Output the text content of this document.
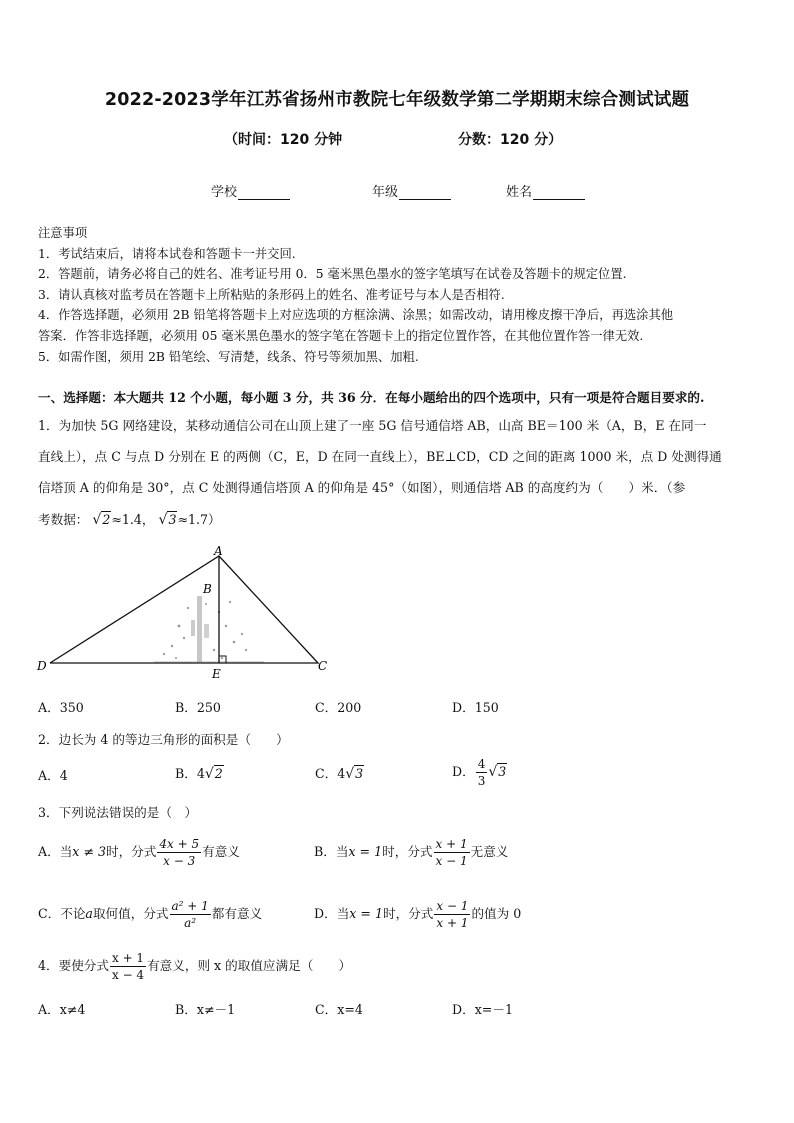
2022-2023学年江苏省扬州市教院七年级数学第二学期期末综合测试试题
（时间：120 分钟	分数：120 分）
学校	年级	姓名
注意事项
1．考试结束后，请将本试卷和答题卡一并交回.
2．答题前，请务必将自己的姓名、准考证号用 0．5 毫米黑色墨水的签字笔填写在试卷及答题卡的规定位置.
3．请认真核对监考员在答题卡上所粘贴的条形码上的姓名、准考证号与本人是否相符.
4．作答选择题，必须用 2B 铅笔将答题卡上对应选项的方框涂满、涂黑；如需改动，请用橡皮擦干净后，再选涂其他
答案．作答非选择题，必须用 05 毫米黑色墨水的签字笔在答题卡上的指定位置作答，在其他位置作答一律无效.
5．如需作图，须用 2B 铅笔绘、写清楚，线条、符号等须加黑、加粗.
一、选择题：本大题共 12 个小题，每小题 3 分，共 36 分．在每小题给出的四个选项中，只有一项是符合题目要求的.
1．为加快 5G 网络建设，某移动通信公司在山顶上建了一座 5G 信号通信塔 AB，山高 BE＝100 米（A，B，E 在同一
直线上），点 C 与点 D 分别在 E 的两侧（C，E，D 在同一直线上），BE⊥CD，CD 之间的距离 1000 米，点 D 处测得通
信塔顶 A 的仰角是 30°，点 C 处测得通信塔顶 A 的仰角是 45°（如图），则通信塔 AB 的高度约为（　　）米．（参
考数据： √2≈1.4， √3≈1.7）
A
B
D	C
E
A．350	B．250	C．200	D．150
2．边长为 4 的等边三角形的面积是（　　）
A．4	B．4√2	C．4√3	D． $\frac{4}{3} √3$
3．下列说法错误的是（　）
A．当x ≠ 3时，分式 $\frac{4x + 5}{x - 3}$ 有意义	B．当x = 1时，分式 $\frac{x + 1}{x - 1}$ 无意义
C．不论a取何值，分式 $\frac{\text{a² + 1}}{\text{a²}}$ 都有意义	D．当x = 1时，分式 $\frac{x - 1}{x + 1}$ 的值为 0
4．要使分式 $\frac{x + 1}{x - 4}$ 有意义，则 x 的取值应满足（　　）
A．x≠4	B．x≠－1	C．x=4	D．x=－1
